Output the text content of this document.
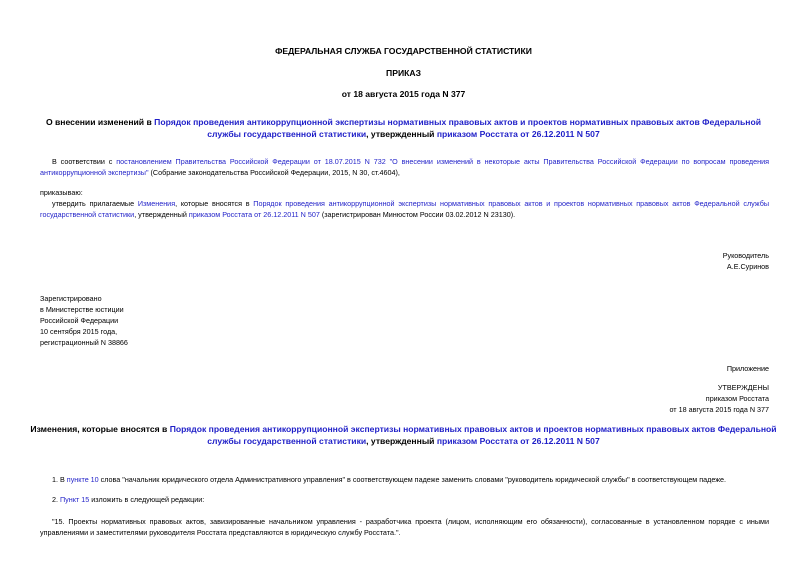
ФЕДЕРАЛЬНАЯ СЛУЖБА ГОСУДАРСТВЕННОЙ СТАТИСТИКИ
ПРИКАЗ
от 18 августа 2015 года N 377
О внесении изменений в Порядок проведения антикоррупционной экспертизы нормативных правовых актов и проектов нормативных правовых актов Федеральной службы государственной статистики, утвержденный приказом Росстата от 26.12.2011 N 507
В соответствии с постановлением Правительства Российской Федерации от 18.07.2015 N 732 "О внесении изменений в некоторые акты Правительства Российской Федерации по вопросам проведения антикоррупционной экспертизы" (Собрание законодательства Российской Федерации, 2015, N 30, ст.4604),
приказываю:
утвердить прилагаемые Изменения, которые вносятся в Порядок проведения антикоррупционной экспертизы нормативных правовых актов и проектов нормативных правовых актов Федеральной службы государственной статистики, утвержденный приказом Росстата от 26.12.2011 N 507 (зарегистрирован Минюстом России 03.02.2012 N 23130).
Руководитель
А.Е.Суринов
Зарегистрировано
в Министерстве юстиции
Российской Федерации
10 сентября 2015 года,
регистрационный N 38866
Приложение
УТВЕРЖДЕНЫ
приказом Росстата
от 18 августа 2015 года N 377
Изменения, которые вносятся в Порядок проведения антикоррупционной экспертизы нормативных правовых актов и проектов нормативных правовых актов Федеральной службы государственной статистики, утвержденный приказом Росстата от 26.12.2011 N 507
1. В пункте 10 слова "начальник юридического отдела Административного управления" в соответствующем падеже заменить словами "руководитель юридической службы" в соответствующем падеже.
2. Пункт 15 изложить в следующей редакции:
"15. Проекты нормативных правовых актов, завизированные начальником управления - разработчика проекта (лицом, исполняющим его обязанности), согласованные в установленном порядке с иными управлениями и заместителями руководителя Росстата представляются в юридическую службу Росстата.".
